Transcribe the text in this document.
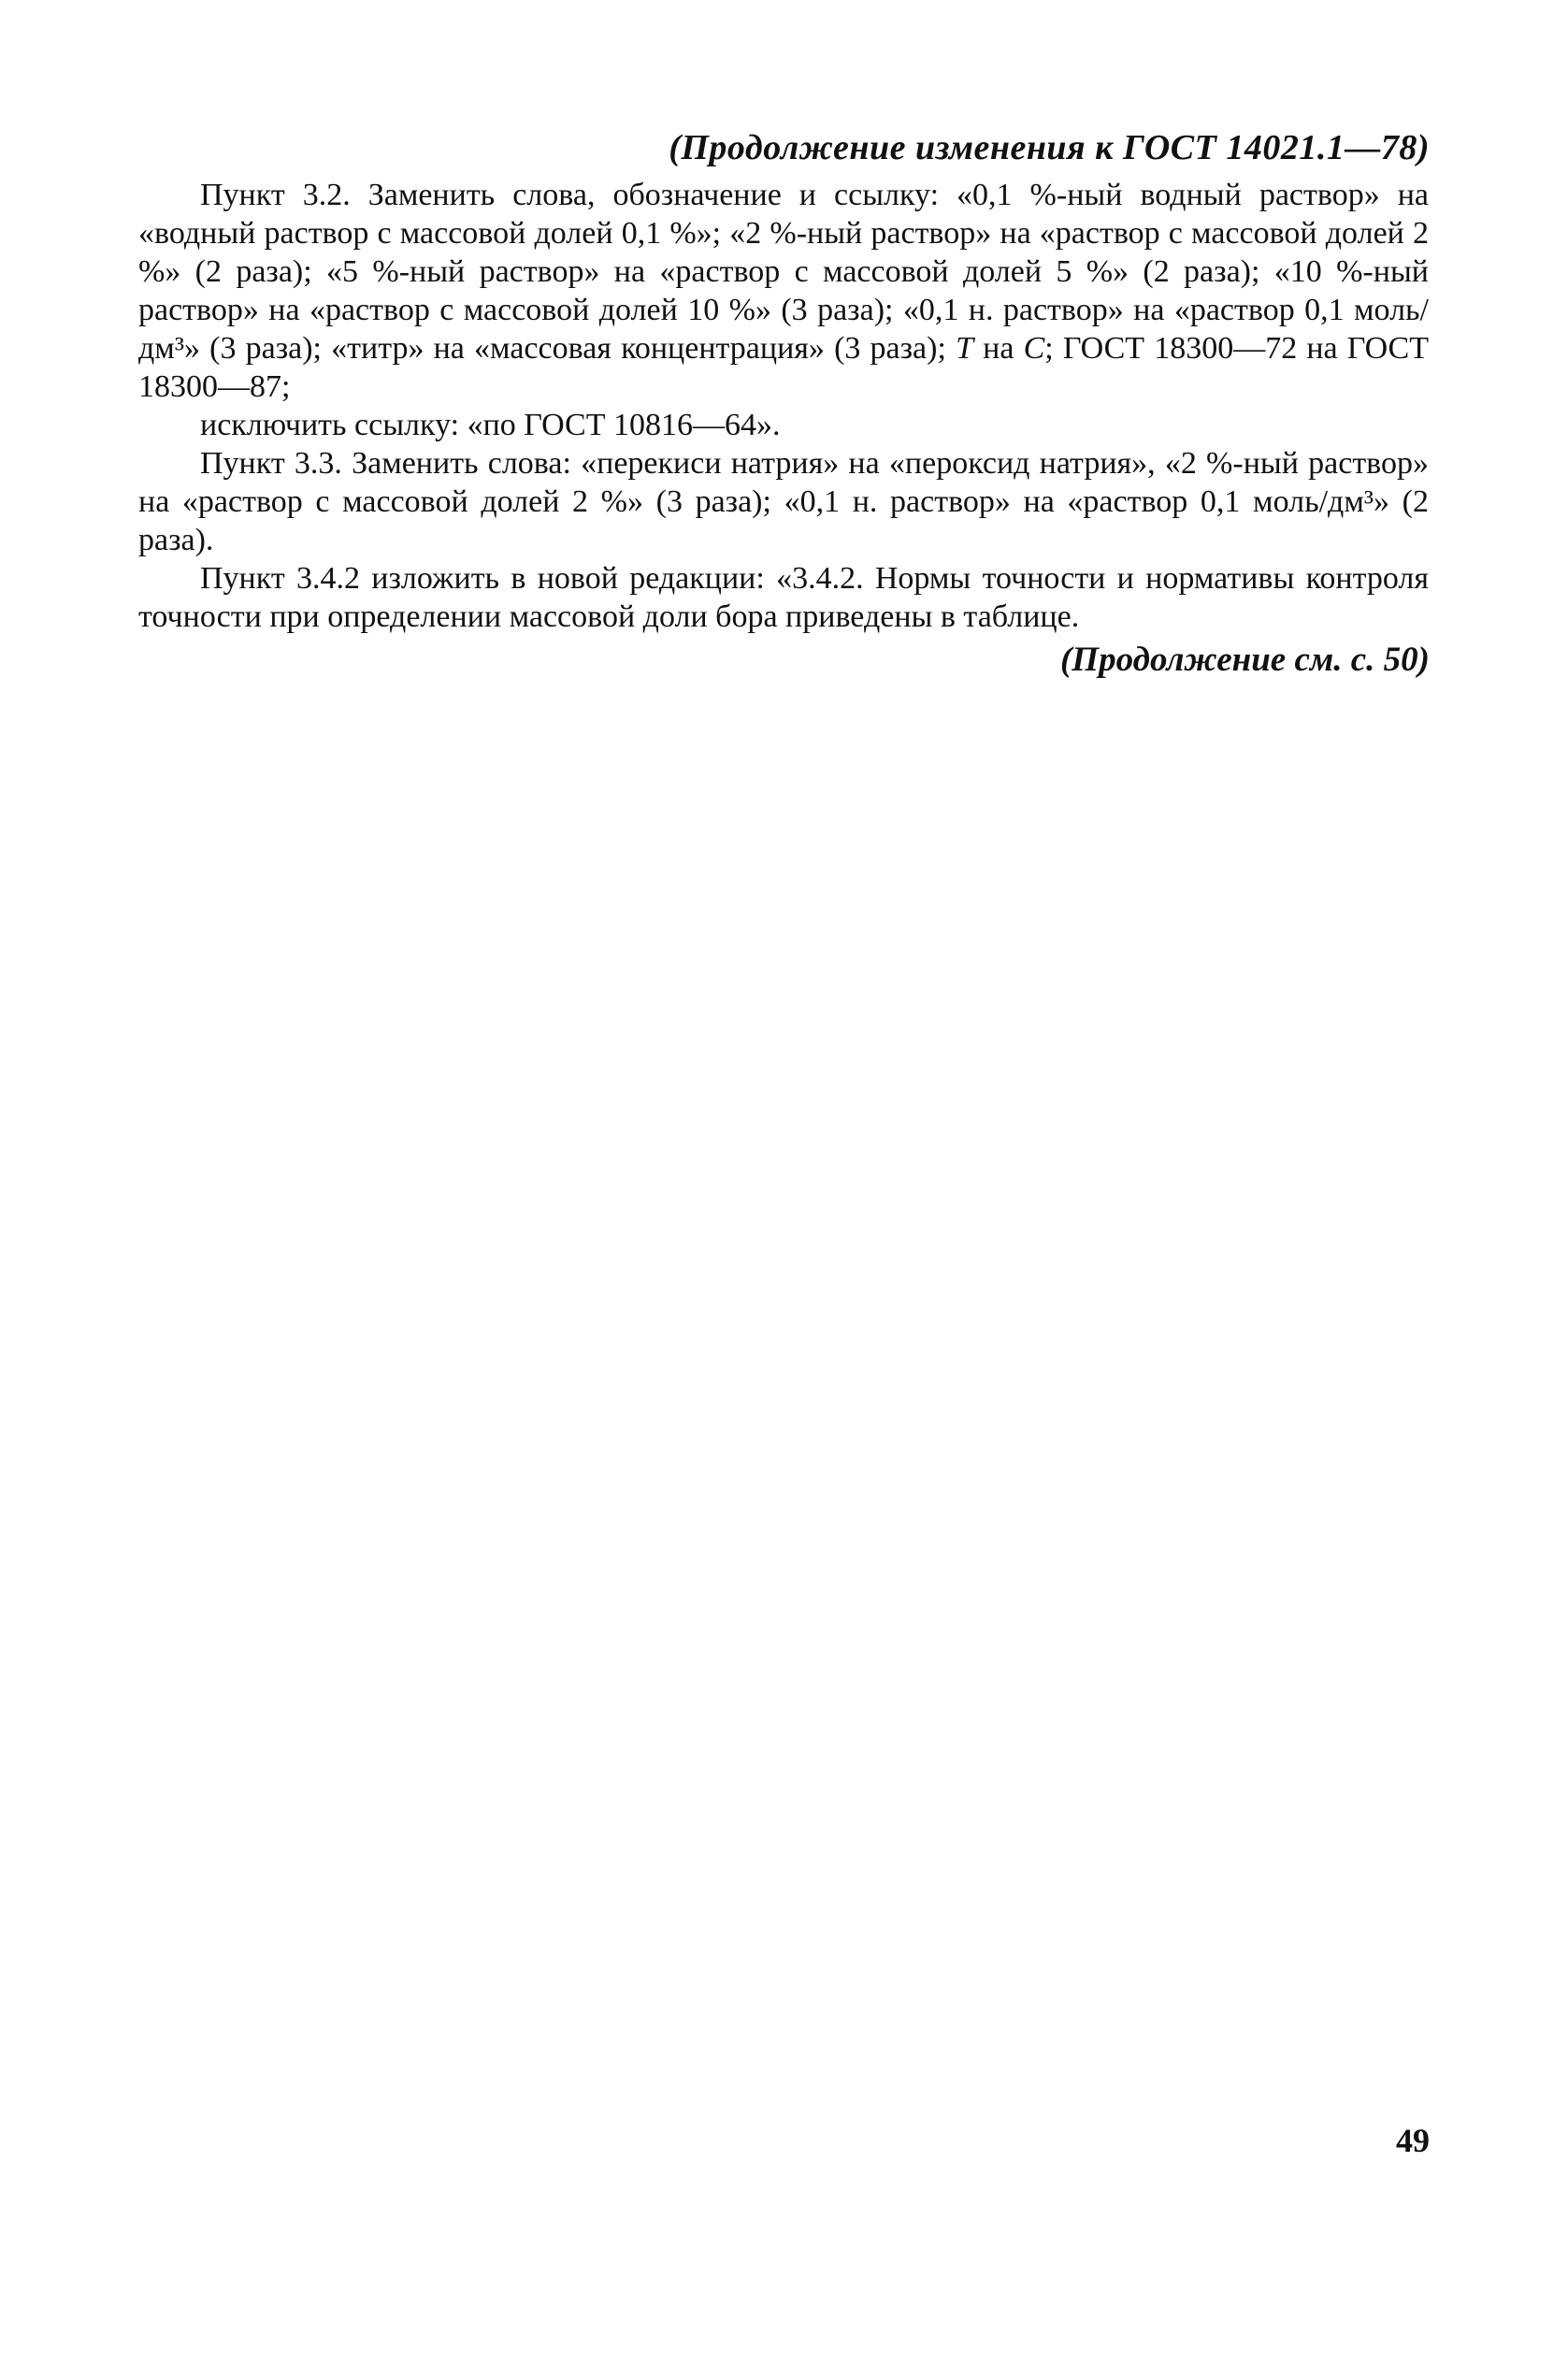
(Продолжение изменения к ГОСТ 14021.1—78)

Пункт 3.2. Заменить слова, обозначение и ссылку: «0,1 %-ный водный раствор» на «водный раствор с массовой долей 0,1 %»; «2 %-ный раствор» на «раствор с массовой долей 2 %» (2 раза); «5 %-ный раствор» на «раствор с массовой долей 5 %» (2 раза); «10 %-ный раствор» на «раствор с массовой долей 10 %» (3 раза); «0,1 н. раствор» на «раствор 0,1 моль/дм³» (3 раза); «титр» на «массовая концентрация» (3 раза); Т на С; ГОСТ 18300—72 на ГОСТ 18300—87;

исключить ссылку: «по ГОСТ 10816—64».

Пункт 3.3. Заменить слова: «перекиси натрия» на «пероксид натрия», «2 %-ный раствор» на «раствор с массовой долей 2 %» (3 раза); «0,1 н. раствор» на «раствор 0,1 моль/дм³» (2 раза).

Пункт 3.4.2 изложить в новой редакции: «3.4.2. Нормы точности и нормативы контроля точности при определении массовой доли бора приведены в таблице.

(Продолжение см. с. 50)
49
